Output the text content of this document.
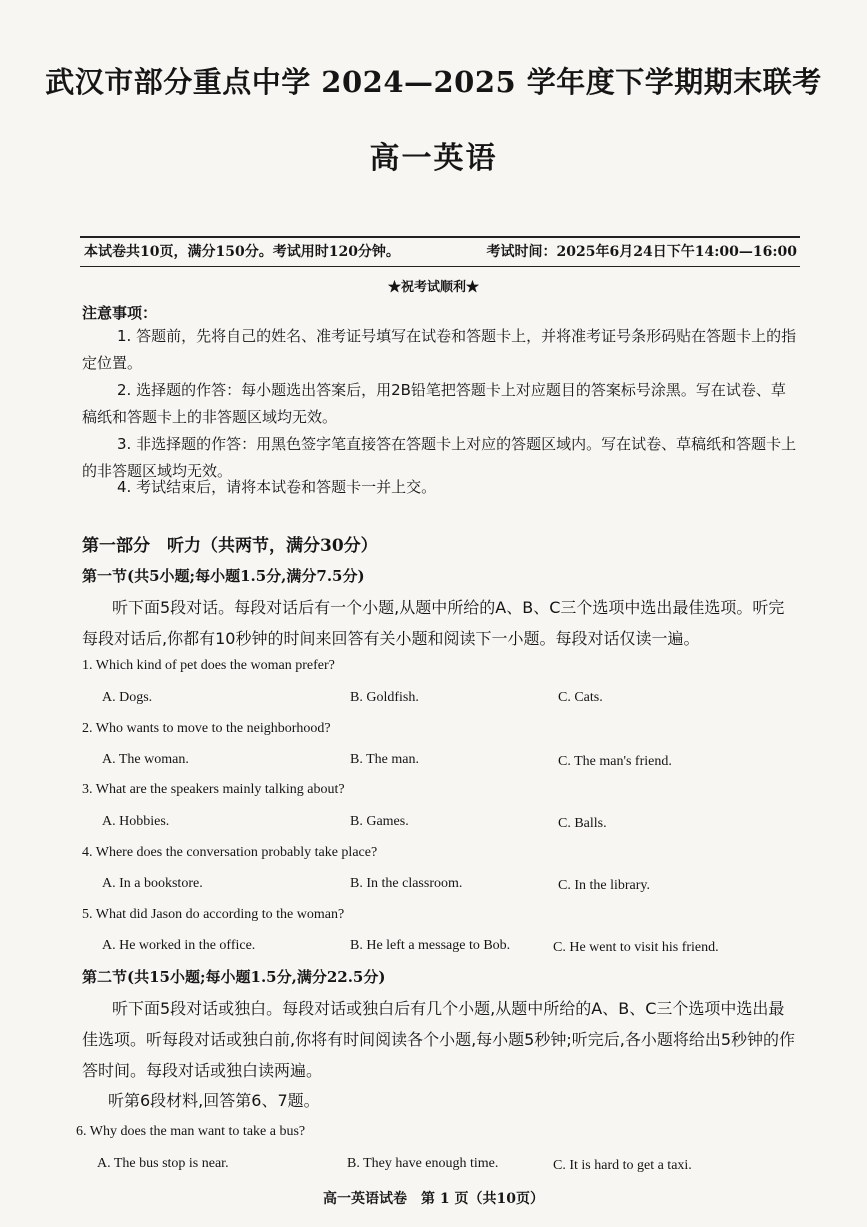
武汉市部分重点中学 2024—2025 学年度下学期期末联考
高一英语
本试卷共10页，满分150分。考试用时120分钟。	考试时间：2025年6月24日下午14:00—16:00
★祝考试顺利★
注意事项：
1. 答题前，先将自己的姓名、准考证号填写在试卷和答题卡上，并将准考证号条形码贴在答题卡上的指定位置。
2. 选择题的作答：每小题选出答案后，用2B铅笔把答题卡上对应题目的答案标号涂黑。写在试卷、草稿纸和答题卡上的非答题区域均无效。
3. 非选择题的作答：用黑色签字笔直接答在答题卡上对应的答题区域内。写在试卷、草稿纸和答题卡上的非答题区域均无效。
4. 考试结束后，请将本试卷和答题卡一并上交。
第一部分　听力（共两节，满分30分）
第一节(共5小题;每小题1.5分,满分7.5分)
听下面5段对话。每段对话后有一个小题,从题中所给的A、B、C三个选项中选出最佳选项。听完每段对话后,你都有10秒钟的时间来回答有关小题和阅读下一小题。每段对话仅读一遍。
1. Which kind of pet does the woman prefer?
A. Dogs.	B. Goldfish.	C. Cats.
2. Who wants to move to the neighborhood?
A. The woman.	B. The man.	C. The man's friend.
3. What are the speakers mainly talking about?
A. Hobbies.	B. Games.	C. Balls.
4. Where does the conversation probably take place?
A. In a bookstore.	B. In the classroom.	C. In the library.
5. What did Jason do according to the woman?
A. He worked in the office.	B. He left a message to Bob.	C. He went to visit his friend.
第二节(共15小题;每小题1.5分,满分22.5分)
听下面5段对话或独白。每段对话或独白后有几个小题,从题中所给的A、B、C三个选项中选出最佳选项。听每段对话或独白前,你将有时间阅读各个小题,每小题5秒钟;听完后,各小题将给出5秒钟的作答时间。每段对话或独白读两遍。
听第6段材料,回答第6、7题。
6. Why does the man want to take a bus?
A. The bus stop is near.	B. They have enough time.	C. It is hard to get a taxi.
高一英语试卷　第 1 页（共10页）
